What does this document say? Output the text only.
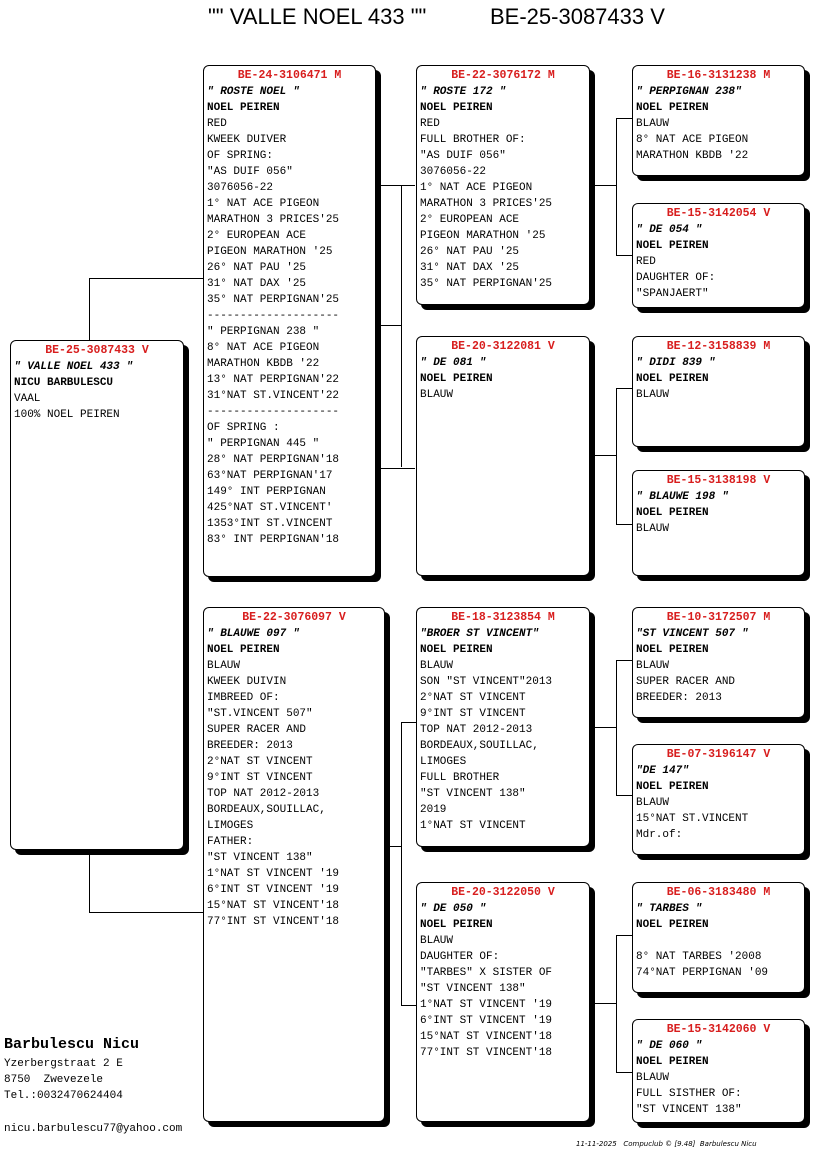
"" VALLE NOEL 433 ""	BE-25-3087433 V
BE-25-3087433 V
" VALLE NOEL 433 "
NICU BARBULESCU
VAAL
100% NOEL PEIREN
BE-24-3106471 M
" ROSTE NOEL "
NOEL PEIREN
RED
KWEEK DUIVER
OF SPRING:
"AS DUIF 056"
3076056-22
1° NAT ACE PIGEON
MARATHON 3 PRICES'25
2° EUROPEAN ACE
PIGEON MARATHON '25
26° NAT PAU '25
31° NAT DAX '25
35° NAT PERPIGNAN'25
--------------------
" PERPIGNAN 238 "
8° NAT ACE PIGEON
MARATHON KBDB '22
13° NAT PERPIGNAN'22
31°NAT ST.VINCENT'22
--------------------
OF SPRING :
" PERPIGNAN 445 "
28° NAT PERPIGNAN'18
63°NAT PERPIGNAN'17
149° INT PERPIGNAN
425°NAT ST.VINCENT'
1353°INT ST.VINCENT
83° INT PERPIGNAN'18
BE-22-3076097 V
" BLAUWE 097 "
NOEL PEIREN
BLAUW
KWEEK DUIVIN
IMBREED OF:
"ST.VINCENT 507"
SUPER RACER AND
BREEDER: 2013
2°NAT ST VINCENT
9°INT ST VINCENT
TOP NAT 2012-2013
BORDEAUX,SOUILLAC,
LIMOGES
FATHER:
"ST VINCENT 138"
1°NAT ST VINCENT '19
6°INT ST VINCENT '19
15°NAT ST VINCENT'18
77°INT ST VINCENT'18
BE-22-3076172 M
" ROSTE 172 "
NOEL PEIREN
RED
FULL BROTHER OF:
"AS DUIF 056"
3076056-22
1° NAT ACE PIGEON
MARATHON 3 PRICES'25
2° EUROPEAN ACE
PIGEON MARATHON '25
26° NAT PAU '25
31° NAT DAX '25
35° NAT PERPIGNAN'25
BE-20-3122081 V
" DE 081 "
NOEL PEIREN
BLAUW
BE-18-3123854 M
"BROER ST VINCENT"
NOEL PEIREN
BLAUW
SON "ST VINCENT"2013
2°NAT ST VINCENT
9°INT ST VINCENT
TOP NAT 2012-2013
BORDEAUX,SOUILLAC,
LIMOGES
FULL BROTHER
"ST VINCENT 138"
2019
1°NAT ST VINCENT
BE-20-3122050 V
" DE 050 "
NOEL PEIREN
BLAUW
DAUGHTER OF:
"TARBES" X SISTER OF
"ST VINCENT 138"
1°NAT ST VINCENT '19
6°INT ST VINCENT '19
15°NAT ST VINCENT'18
77°INT ST VINCENT'18
BE-16-3131238 M
" PERPIGNAN 238"
NOEL PEIREN
BLAUW
8° NAT ACE PIGEON
MARATHON KBDB '22
BE-15-3142054 V
" DE 054 "
NOEL PEIREN
RED
DAUGHTER OF:
"SPANJAERT"
BE-12-3158839 M
" DIDI 839 "
NOEL PEIREN
BLAUW
BE-15-3138198 V
" BLAUWE 198 "
NOEL PEIREN
BLAUW
BE-10-3172507 M
"ST VINCENT 507 "
NOEL PEIREN
BLAUW
SUPER RACER AND
BREEDER: 2013
BE-07-3196147 V
"DE 147"
NOEL PEIREN
BLAUW
15°NAT ST.VINCENT
Mdr.of:
BE-06-3183480 M
" TARBES "
NOEL PEIREN
8° NAT TARBES '2008
74°NAT PERPIGNAN '09
BE-15-3142060 V
" DE 060 "
NOEL PEIREN
BLAUW
FULL SISTHER OF:
"ST VINCENT 138"
Barbulescu Nicu
Yzerbergstraat 2 E
8750  Zwevezele
Tel.:0032470624404
nicu.barbulescu77@yahoo.com
11-11-2025   Compuclub © [9.48]  Barbulescu Nicu
